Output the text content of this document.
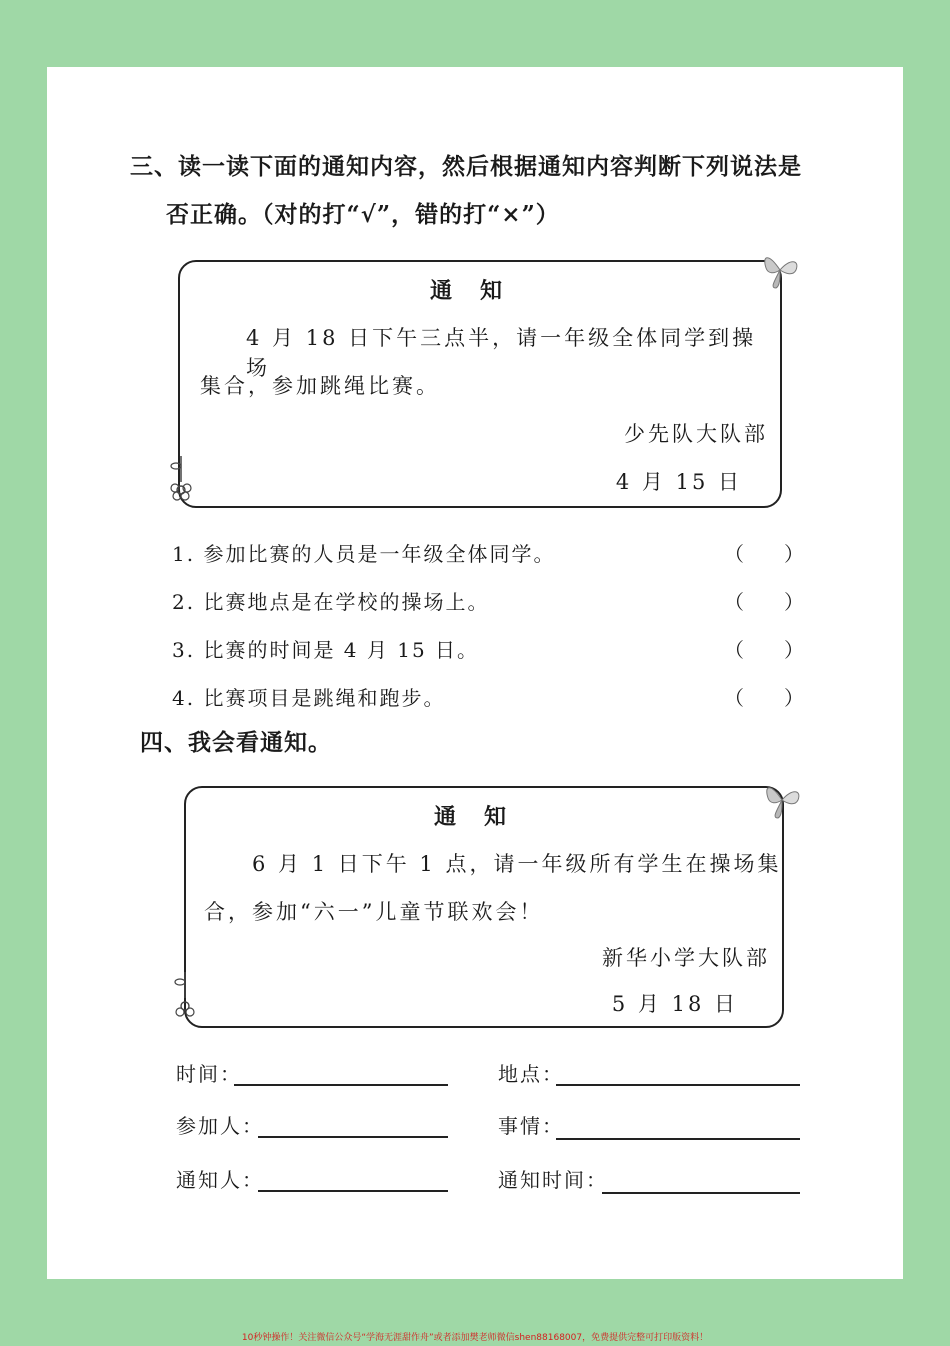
三、读一读下面的通知内容，然后根据通知内容判断下列说法是
否正确。（对的打“√”，错的打“×”）
通知
4 月 18 日下午三点半，请一年级全体同学到操场
集合，参加跳绳比赛。
少先队大队部
4 月 15 日
1. 参加比赛的人员是一年级全体同学。	（ ）
2. 比赛地点是在学校的操场上。	（ ）
3. 比赛的时间是 4 月 15 日。	（ ）
4. 比赛项目是跳绳和跑步。	（ ）
四、我会看通知。
通知
6 月 1 日下午 1 点，请一年级所有学生在操场集
合，参加“六一”儿童节联欢会！
新华小学大队部
5 月 18 日
时间：	地点：
参加人：	事情：
通知人：	通知时间：
10秒钟操作！关注微信公众号“学海无涯甜作舟”或者添加樊老师微信shen88168007，免费提供完整可打印版资料！
